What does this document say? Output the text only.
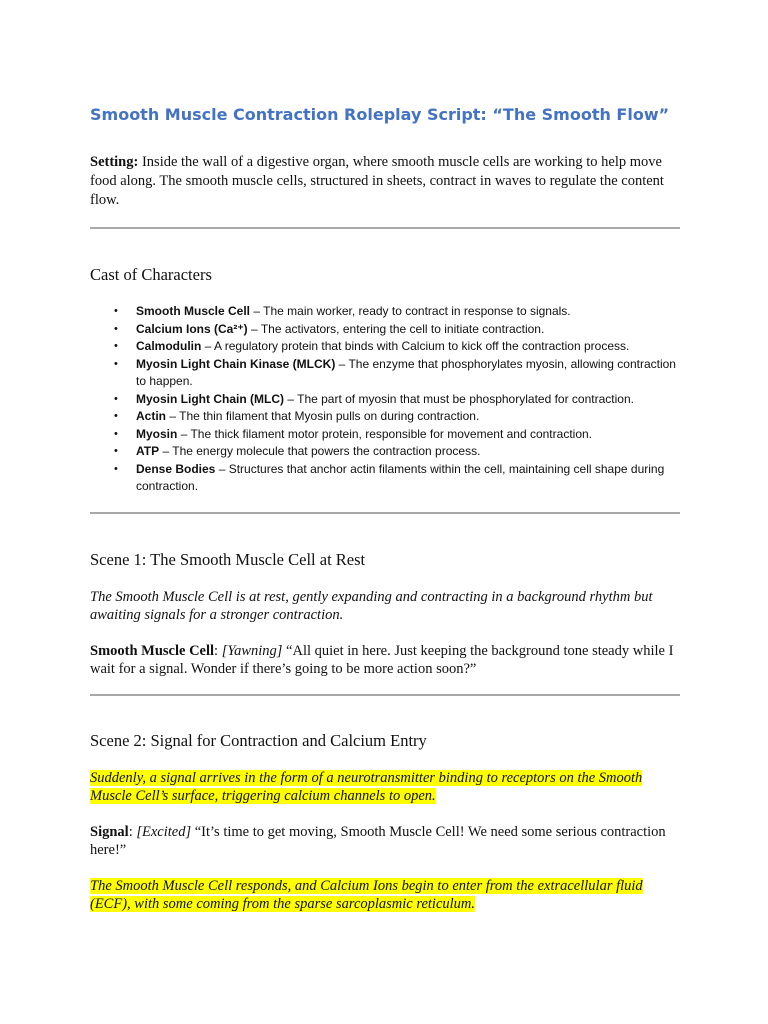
Smooth Muscle Contraction Roleplay Script: “The Smooth Flow”

Setting: Inside the wall of a digestive organ, where smooth muscle cells are working to help move food along. The smooth muscle cells, structured in sheets, contract in waves to regulate the content flow.

Cast of Characters
• Smooth Muscle Cell – The main worker, ready to contract in response to signals.
• Calcium Ions (Ca²⁺) – The activators, entering the cell to initiate contraction.
• Calmodulin – A regulatory protein that binds with Calcium to kick off the contraction process.
• Myosin Light Chain Kinase (MLCK) – The enzyme that phosphorylates myosin, allowing contraction to happen.
• Myosin Light Chain (MLC) – The part of myosin that must be phosphorylated for contraction.
• Actin – The thin filament that Myosin pulls on during contraction.
• Myosin – The thick filament motor protein, responsible for movement and contraction.
• ATP – The energy molecule that powers the contraction process.
• Dense Bodies – Structures that anchor actin filaments within the cell, maintaining cell shape during contraction.
Scene 1: The Smooth Muscle Cell at Rest

The Smooth Muscle Cell is at rest, gently expanding and contracting in a background rhythm but awaiting signals for a stronger contraction.

Smooth Muscle Cell: [Yawning] “All quiet in here. Just keeping the background tone steady while I wait for a signal. Wonder if there’s going to be more action soon?”

Scene 2: Signal for Contraction and Calcium Entry

Suddenly, a signal arrives in the form of a neurotransmitter binding to receptors on the Smooth Muscle Cell’s surface, triggering calcium channels to open.

Signal: [Excited] “It’s time to get moving, Smooth Muscle Cell! We need some serious contraction here!”

The Smooth Muscle Cell responds, and Calcium Ions begin to enter from the extracellular fluid (ECF), with some coming from the sparse sarcoplasmic reticulum.
